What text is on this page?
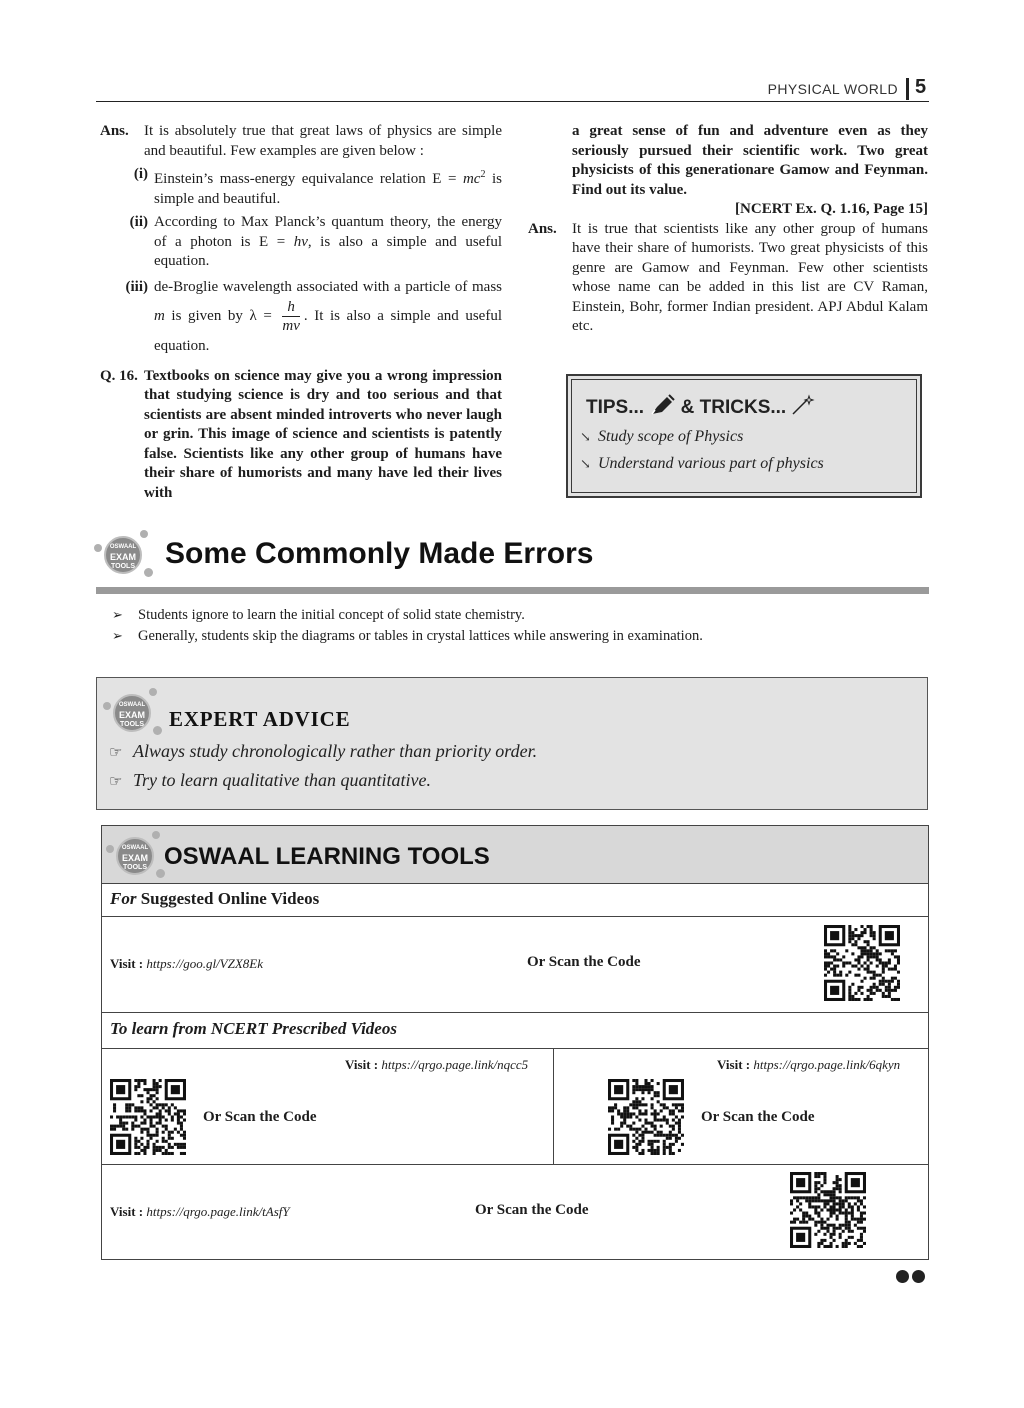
PHYSICAL WORLD 5
Ans. It is absolutely true that great laws of physics are simple and beautiful. Few examples are given below :
(i) Einstein’s mass-energy equivalance relation $E = mc^2$ is simple and beautiful.
(ii) According to Max Planck’s quantum theory, the energy of a photon is E = hν, is also a simple and useful equation.
(iii) de-Broglie wavelength associated with a particle of mass m is given by $\lambda = \frac{h}{mv}$ . It is also a simple and useful equation.
Q. 16. Textbooks on science may give you a wrong impression that studying science is dry and too serious and that scientists are absent minded introverts who never laugh or grin. This image of science and scientists is patently false. Scientists like any other group of humans have their share of humorists and many have led their lives with
a great sense of fun and adventure even as they seriously pursued their scientific work. Two great physicists of this generationare Gamow and Feynman. Find out its value.
[NCERT Ex. Q. 1.16, Page 15]
Ans. It is true that scientists like any other group of humans have their share of humorists. Two great physicists of this genre are Gamow and Feynman. Few other scientists whose name can be added in this list are CV Raman, Einstein, Bohr, former Indian president. APJ Abdul Kalam etc.
TIPS... & TRICKS...
↘ Study scope of Physics
↘ Understand various part of physics
OSWAAL
EXAM
TOOLS Some Commonly Made Errors
➢ Students ignore to learn the initial concept of solid state chemistry.
➢ Generally, students skip the diagrams or tables in crystal lattices while answering in examination.
OSWAAL
EXAM
TOOLS EXPERT ADVICE
☞ Always study chronologically rather than priority order.
☞ Try to learn qualitative than quantitative.
OSWAAL
EXAM
TOOLS OSWAAL LEARNING TOOLS
For Suggested Online Videos
Visit : https://goo.gl/VZX8Ek	Or Scan the Code
To learn from NCERT Prescribed Videos
Visit : https://qrgo.page.link/nqcc5
Or Scan the Code
Visit : https://qrgo.page.link/6qkyn
Or Scan the Code
Visit : https://qrgo.page.link/tAsfY	Or Scan the Code
